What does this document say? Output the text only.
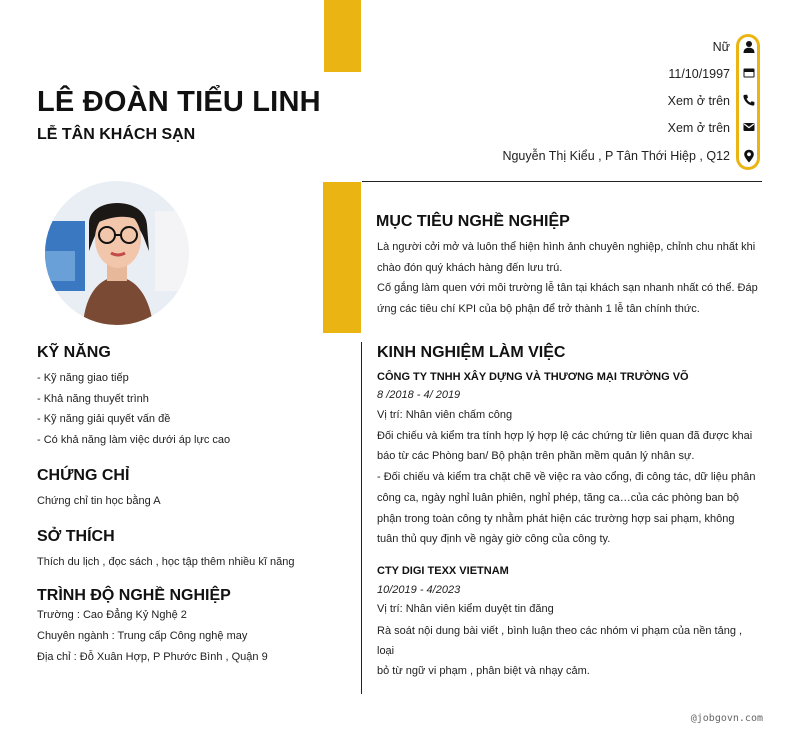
LÊ ĐOÀN TIỂU LINH
LỄ TÂN KHÁCH SẠN
Nữ
11/10/1997
Xem ở trên
Xem ở trên
Nguyễn Thị Kiểu , P Tân Thới Hiệp , Q12
MỤC TIÊU NGHỀ NGHIỆP
Là người cởi mở và luôn thể hiện hình ảnh chuyên nghiệp, chỉnh chu nhất khi
chào đón quý khách hàng đến lưu trú.
Cố gắng làm quen với môi trường lễ tân tại khách sạn nhanh nhất có thể. Đáp
ứng các tiêu chí KPI của bộ phận để trở thành 1 lễ tân chính thức.
KỸ NĂNG
- Kỹ năng giao tiếp
- Khả năng thuyết trình
- Kỹ năng giải quyết vấn đề
- Có khả năng làm việc dưới áp lực cao
CHỨNG CHỈ
Chứng chỉ tin học bằng A
SỞ THÍCH
Thích du lịch , đọc sách , học tập thêm nhiều kĩ năng
TRÌNH ĐỘ NGHỀ NGHIỆP
Trường : Cao Đẳng Kỷ Nghệ 2
Chuyên ngành : Trung cấp Công nghệ may
Địa chỉ : Đỗ Xuân Hợp, P Phước Bình , Quận 9
KINH NGHIỆM LÀM VIỆC
CÔNG TY TNHH XÂY DỰNG VÀ THƯƠNG MẠI TRƯỜNG VÕ
8 /2018 - 4/ 2019
Vị trí: Nhân viên chấm công
Đối chiếu và kiểm tra tính hợp lý hợp lệ các chứng từ liên quan đã được khai
báo từ các Phòng ban/ Bộ phận trên phần mềm quản lý nhân sự.
- Đối chiếu và kiểm tra chặt chẽ về việc ra vào cổng, đi công tác, dữ liệu phân
công ca, ngày nghỉ luân phiên, nghỉ phép, tăng ca…của các phòng ban bộ
phận trong toàn công ty nhằm phát hiện các trường hợp sai phạm, không
tuân thủ quy định về ngày giờ công của công ty.
CTY DIGI TEXX VIETNAM
10/2019 - 4/2023
Vị trí: Nhân viên kiểm duyệt tin đăng
Rà soát nội dung bài viết , bình luận theo các nhóm vi phạm của nền tảng ,
loại
bỏ từ ngữ vi phạm , phân biệt và nhạy cảm.
@jobgovn.com
